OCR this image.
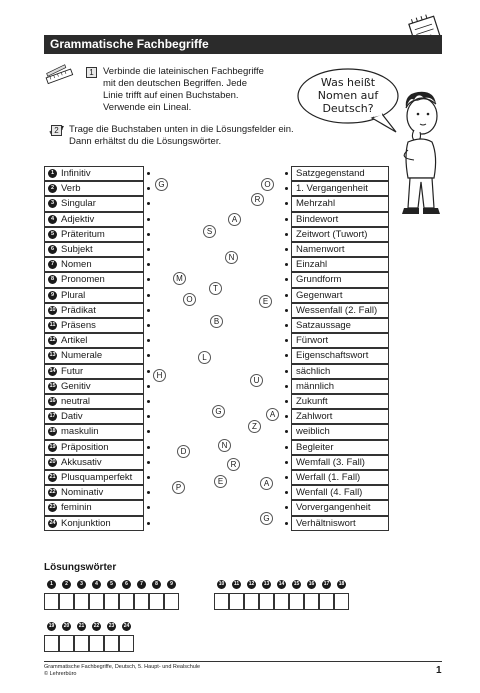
Grammatische Fachbegriffe
1 Verbinde die lateinischen Fachbegriffe
mit den deutschen Begriffen. Jede
Linie trifft auf einen Buchstaben.
Verwende ein Lineal.
2	Trage die Buchstaben unten in die Lösungsfelder ein.
Dann erhältst du die Lösungswörter.
Was heißt
Nomen auf
Deutsch?
1 Infinitiv
2 Verb
3 Singular
4 Adjektiv
5 Präteritum
6 Subjekt
7 Nomen
8 Pronomen
9 Plural
10 Prädikat
11 Präsens
12 Artikel
13 Numerale
14 Futur
15 Genitiv
16 neutral
17 Dativ
18 maskulin
19 Präposition
20 Akkusativ
21 Plusquamperfekt
22 Nominativ
23 feminin
24 Konjunktion
Satzgegenstand
1. Vergangenheit
Mehrzahl
Bindewort
Zeitwort (Tuwort)
Namenwort
Einzahl
Grundform
Gegenwart
Wessenfall (2. Fall)
Satzaussage
Fürwort
Eigenschaftswort
sächlich
männlich
Zukunft
Zahlwort
weiblich
Begleiter
Wemfall (3. Fall)
Werfall (1. Fall)
Wenfall (4. Fall)
Vorvergangenheit
Verhältniswort
G	O
R
A
S
N
M
T
O	E
B
L
H
U
G	A
Z
D
N
R
P
E	A
G
Lösungswörter
1	2	3	4	5	6	7	8	9	10	11	12	13	14	15	16	17	18
19	20	21	22	23	24
Grammatische Fachbegriffe, Deutsch, 5. Haupt- und Realschule
© Lehrerbüro	1
